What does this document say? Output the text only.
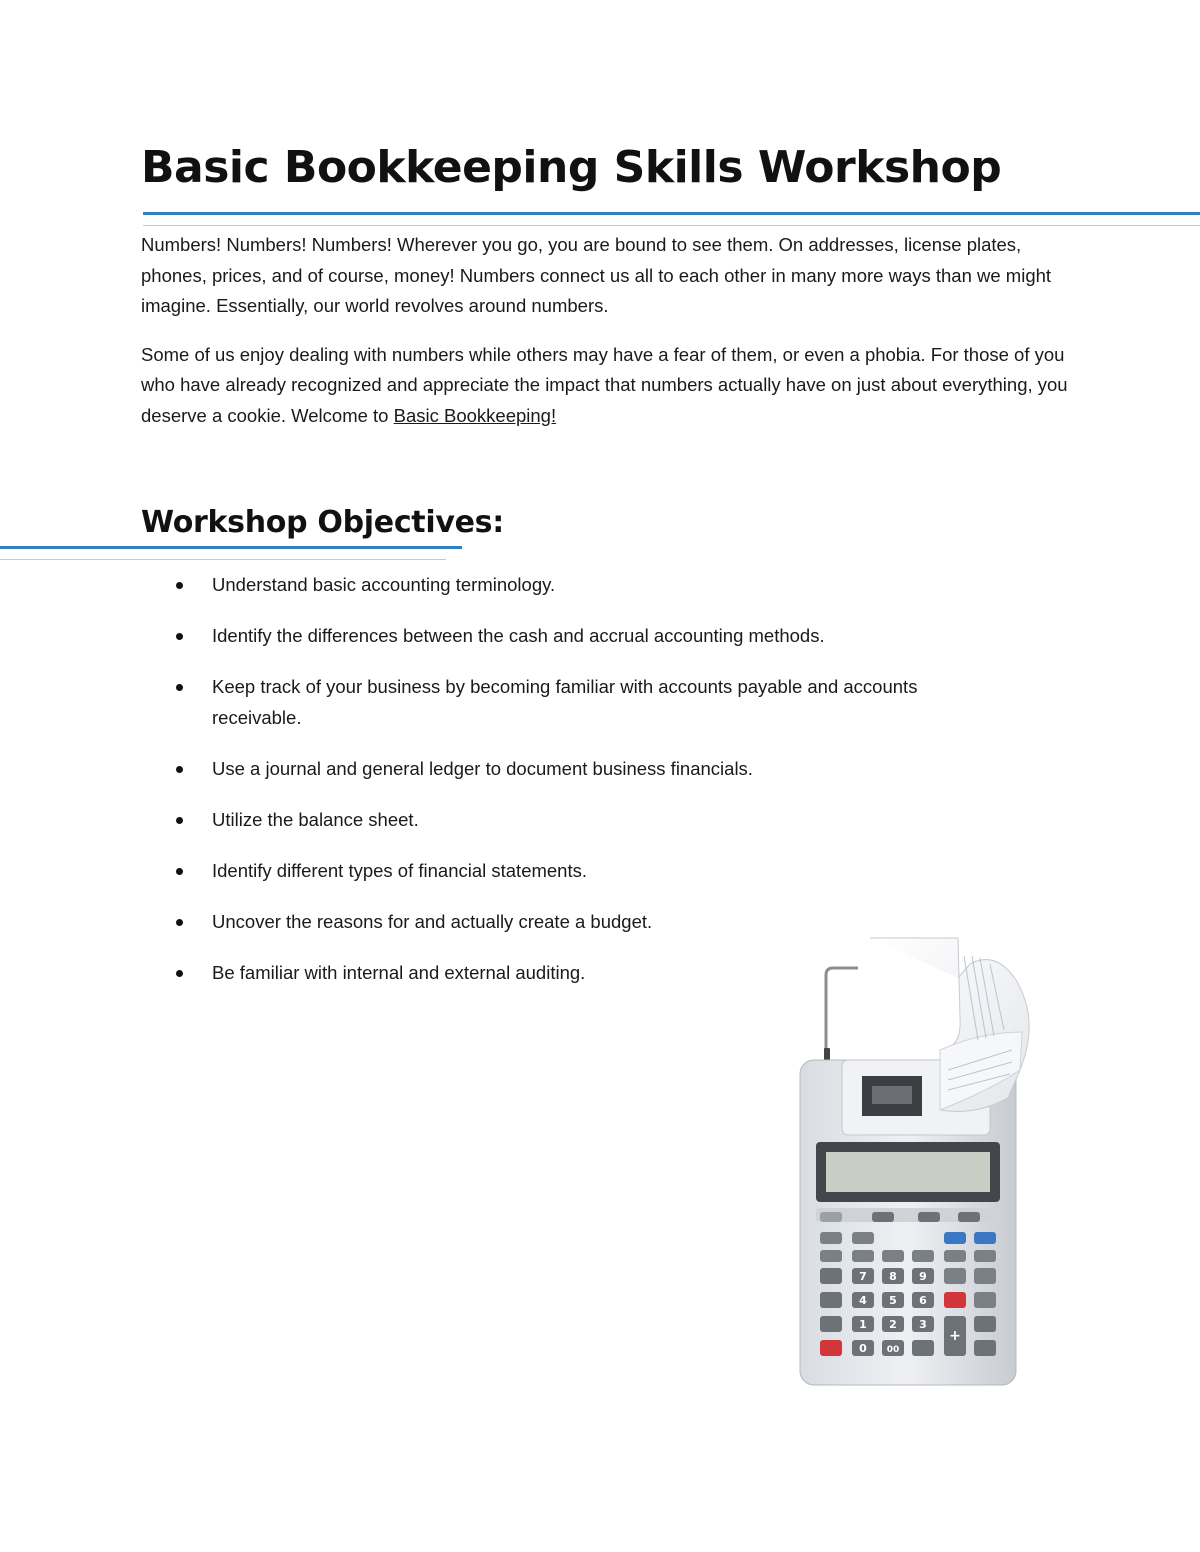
Basic Bookkeeping Skills Workshop

Numbers! Numbers! Numbers! Wherever you go, you are bound to see them. On addresses, license plates, phones, prices, and of course, money! Numbers connect us all to each other in many more ways than we might imagine. Essentially, our world revolves around numbers.

Some of us enjoy dealing with numbers while others may have a fear of them, or even a phobia. For those of you who have already recognized and appreciate the impact that numbers actually have on just about everything, you deserve a cookie. Welcome to Basic Bookkeeping!

Workshop Objectives:
Understand basic accounting terminology.
Identify the differences between the cash and accrual accounting methods.
Keep track of your business by becoming familiar with accounts payable and accounts receivable.
Use a journal and general ledger to document business financials.
Utilize the balance sheet.
Identify different types of financial statements.
Uncover the reasons for and actually create a budget.
Be familiar with internal and external auditing.
7 8 9
4 5 6
1 2 3
+
0 00
